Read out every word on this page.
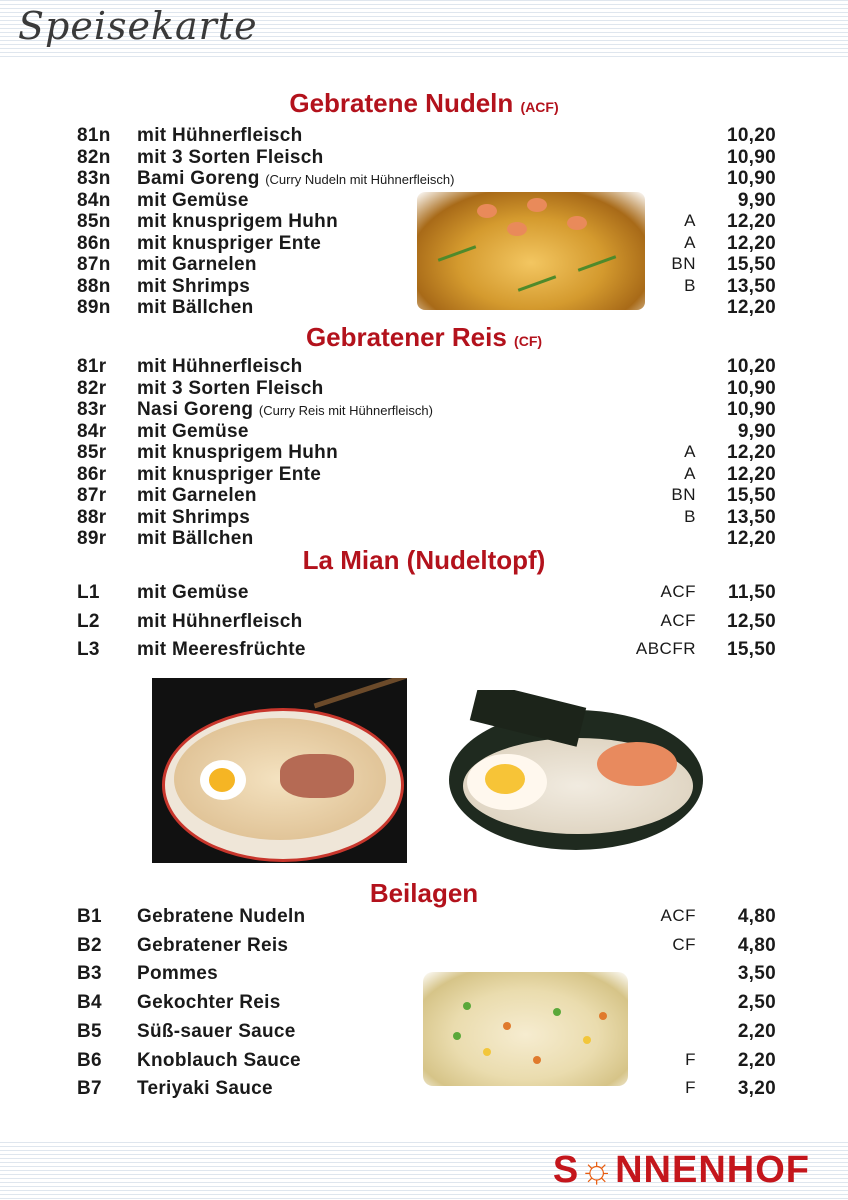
Speisekarte
Gebratene Nudeln (ACF)
81n mit Hühnerfleisch	10,20
82n mit 3 Sorten Fleisch	10,90
83n Bami Goreng (Curry Nudeln mit Hühnerfleisch)	10,90
84n mit Gemüse	9,90
85n mit knusprigem Huhn	A 12,20
86n mit knuspriger Ente	A 12,20
87n mit Garnelen	BN 15,50
88n mit Shrimps	B 13,50
89n mit Bällchen	12,20
Gebratener Reis (CF)
81r mit Hühnerfleisch	10,20
82r mit 3 Sorten Fleisch	10,90
83r Nasi Goreng (Curry Reis mit Hühnerfleisch)	10,90
84r mit Gemüse	9,90
85r mit knusprigem Huhn	A 12,20
86r mit knuspriger Ente	A 12,20
87r mit Garnelen	BN 15,50
88r mit Shrimps	B 13,50
89r mit Bällchen	12,20
La Mian (Nudeltopf)
L1 mit Gemüse	ACF 11,50
L2 mit Hühnerfleisch	ACF 12,50
L3 mit Meeresfrüchte	ABCFR 15,50
Beilagen
B1 Gebratene Nudeln	ACF 4,80
B2 Gebratener Reis	CF 4,80
B3 Pommes	3,50
B4 Gekochter Reis	2,50
B5 Süß-sauer Sauce	2,20
B6 Knoblauch Sauce	F 2,20
B7 Teriyaki Sauce	F 3,20
S☼NNENHOF
